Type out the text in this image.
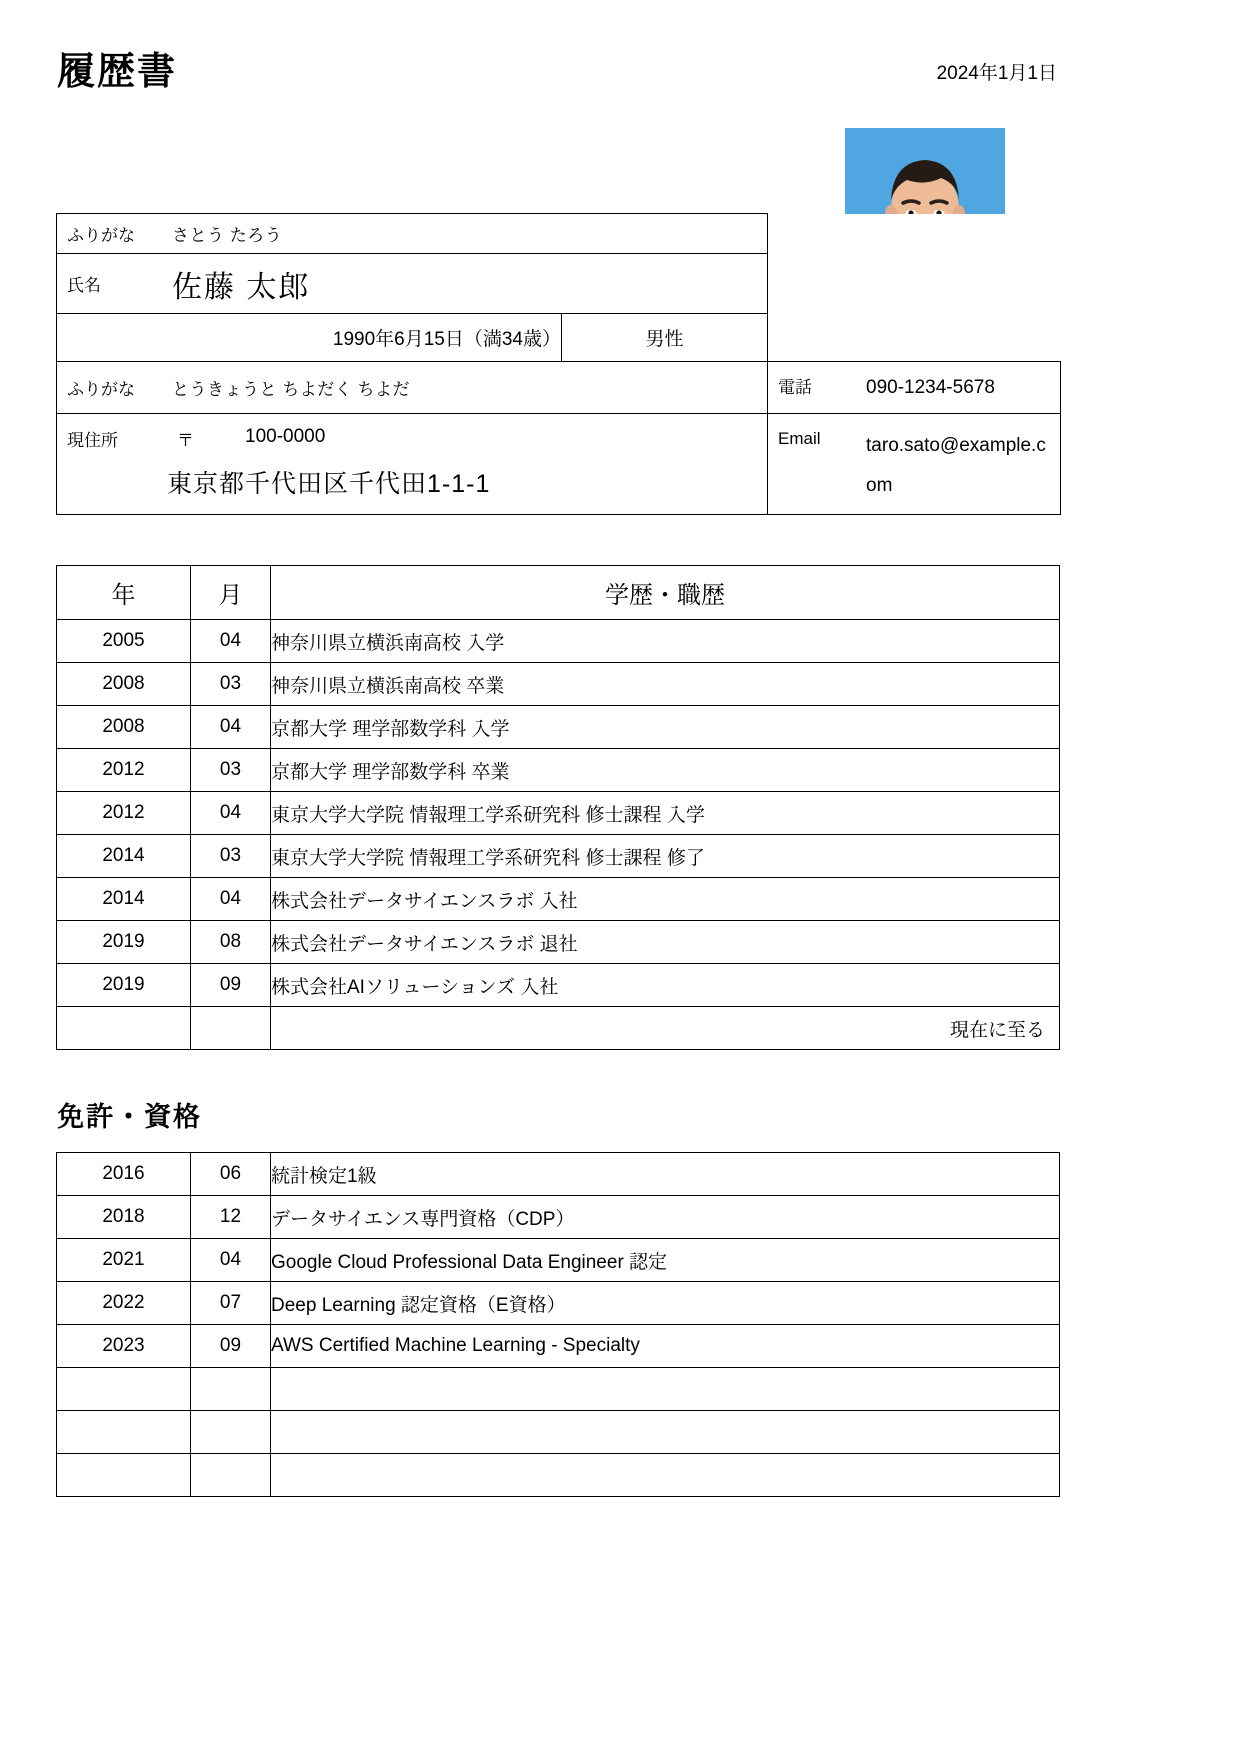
履歴書	2024年1月1日
ふりがな さとう たろう		

氏名 佐藤 太郎		

1990年6月15日（満34歳）	男性	

ふりがな とうきょうと ちよだく ちよだ		電話 090-1234-5678

現住所 〒 100-0000
東京都千代田区千代田1-1-1		Email taro.sato@example.com
年	月	学歴・職歴
2005	04	神奈川県立横浜南高校 入学
2008	03	神奈川県立横浜南高校 卒業
2008	04	京都大学 理学部数学科 入学
2012	03	京都大学 理学部数学科 卒業
2012	04	東京大学大学院 情報理工学系研究科 修士課程 入学
2014	03	東京大学大学院 情報理工学系研究科 修士課程 修了
2014	04	株式会社データサイエンスラボ 入社
2019	08	株式会社データサイエンスラボ 退社
2019	09	株式会社AIソリューションズ 入社
		現在に至る
免許・資格
2016	06	統計検定1級
2018	12	データサイエンス専門資格（CDP）
2021	04	Google Cloud Professional Data Engineer 認定
2022	07	Deep Learning 認定資格（E資格）
2023	09	AWS Certified Machine Learning - Specialty
